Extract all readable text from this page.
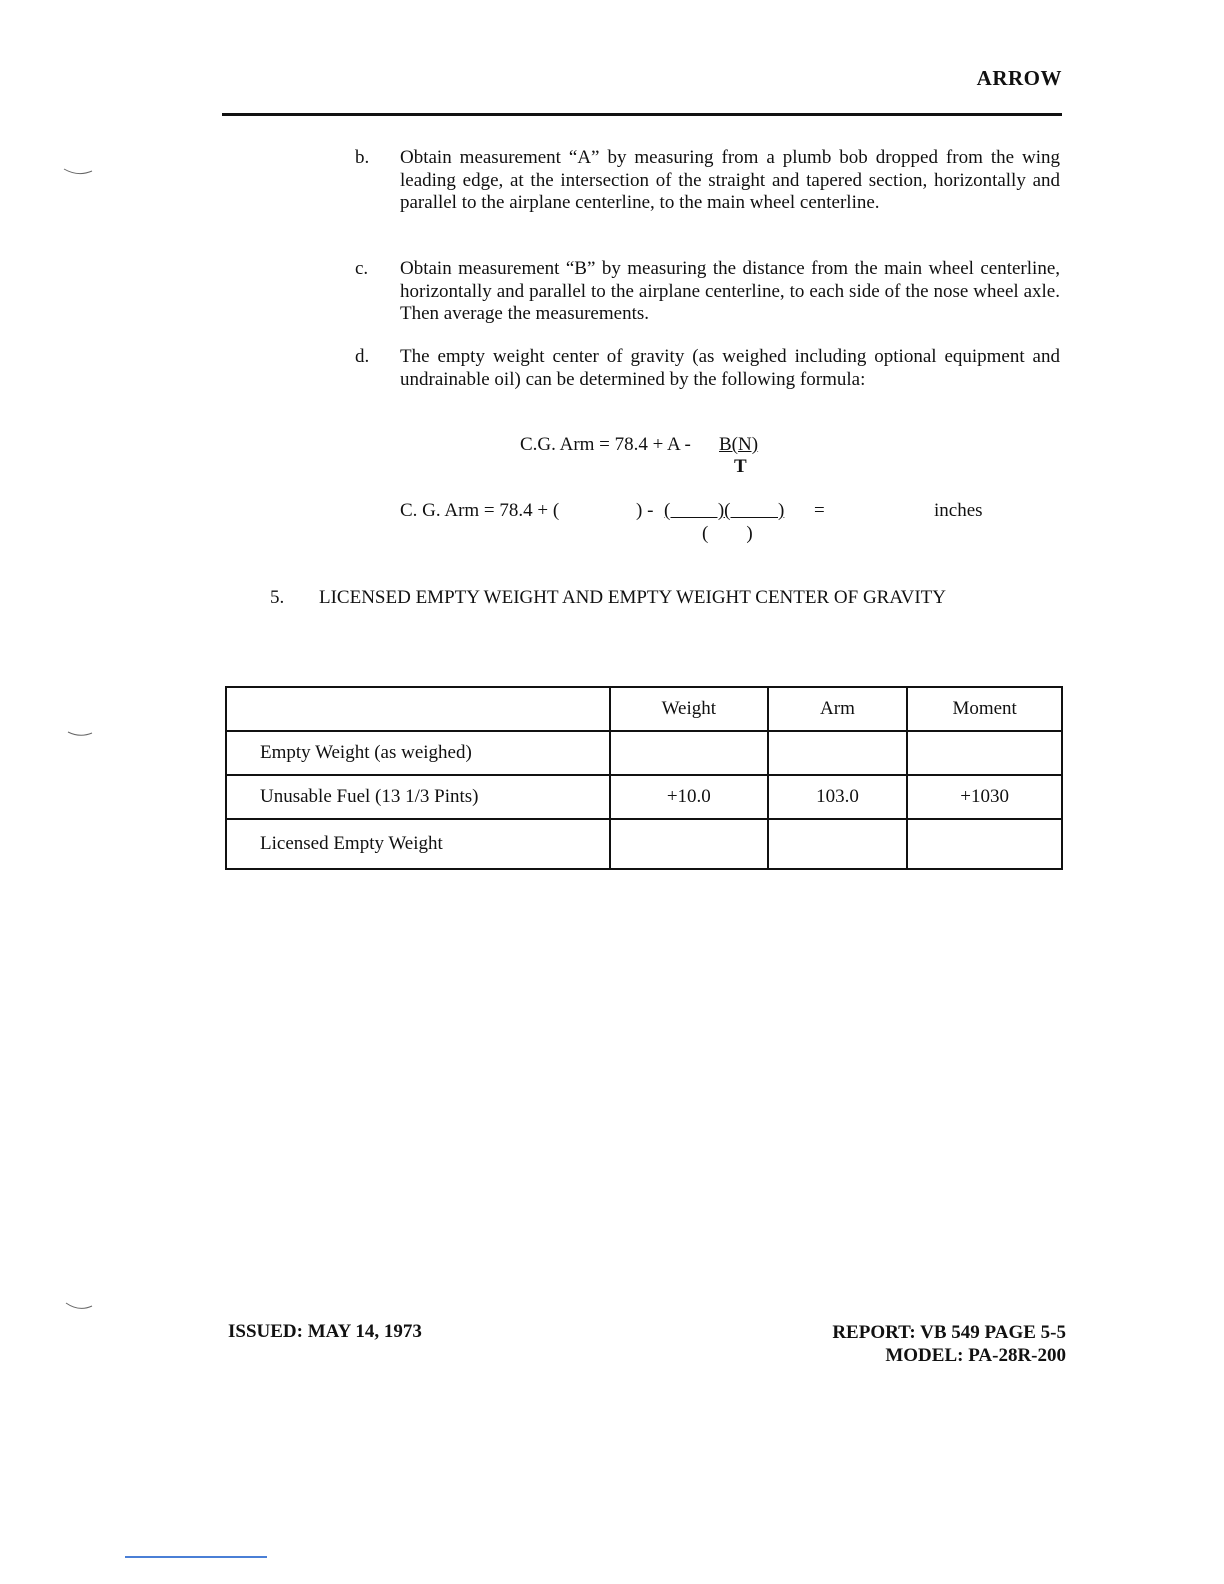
ARROW
b.	Obtain measurement “A” by measuring from a plumb bob dropped from the wing leading edge, at the intersection of the straight and tapered section, horizontally and parallel to the airplane centerline, to the main wheel centerline.
c.	Obtain measurement “B” by measuring the distance from the main wheel centerline, horizontally and parallel to the airplane centerline, to each side of the nose wheel axle. Then average the measurements.
d.	The empty weight center of gravity (as weighed including optional equipment and undrainable oil) can be determined by the following formula:
C.G. Arm = 78.4 + A - B(N)
T
C. G. Arm = 78.4 + (	) - (          )(          ) =
(        )
inches
5. LICENSED EMPTY WEIGHT AND EMPTY WEIGHT CENTER OF GRAVITY
	Weight	Arm	Moment
Empty Weight (as weighed)			
Unusable Fuel (13 1/3 Pints)	+10.0	103.0	+1030
Licensed Empty Weight			
ISSUED: MAY 14, 1973	REPORT: VB 549 PAGE 5-5
MODEL: PA-28R-200
